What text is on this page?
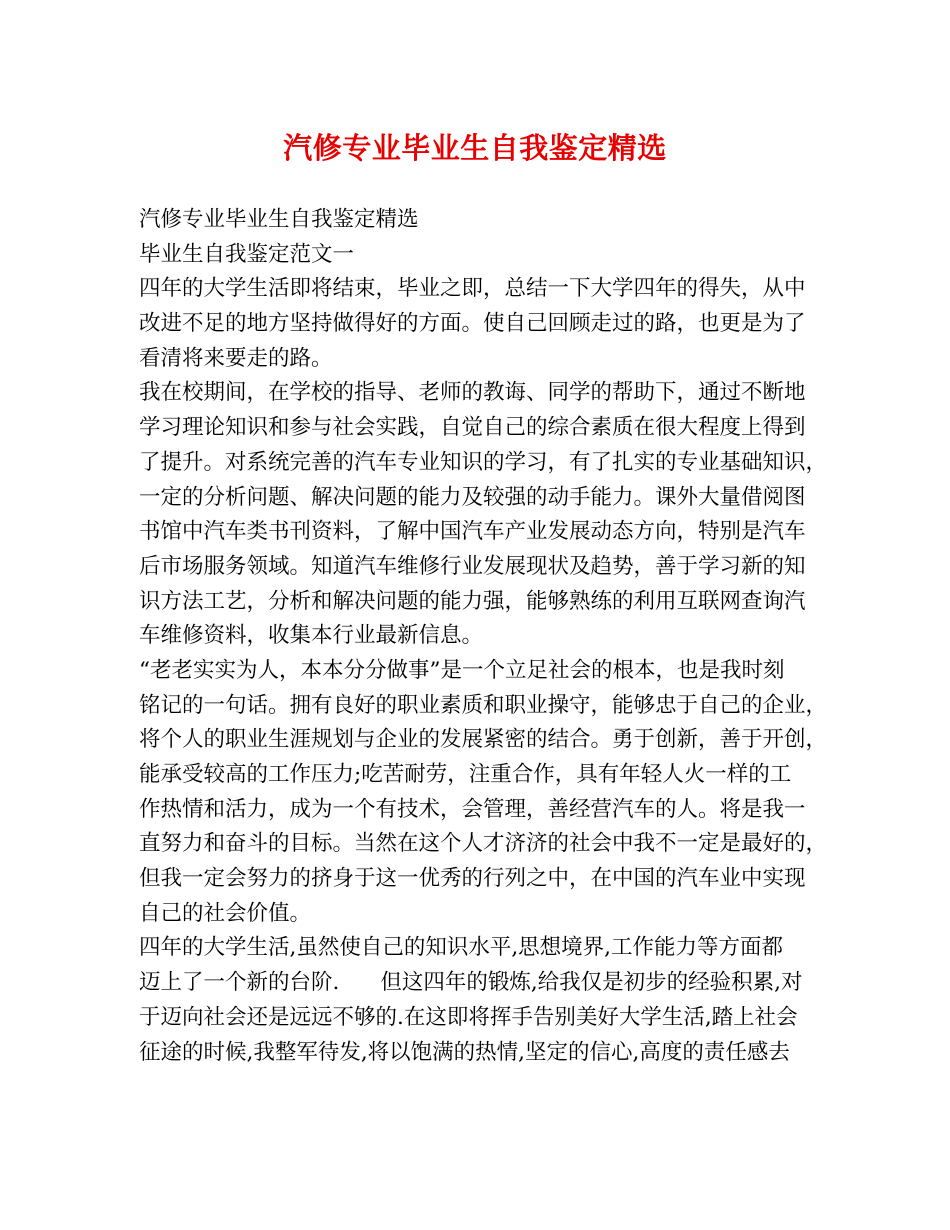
汽修专业毕业生自我鉴定精选
汽修专业毕业生自我鉴定精选
毕业生自我鉴定范文一
四年的大学生活即将结束，毕业之即，总结一下大学四年的得失，从中
改进不足的地方坚持做得好的方面。使自己回顾走过的路，也更是为了
看清将来要走的路。
我在校期间，在学校的指导、老师的教诲、同学的帮助下，通过不断地
学习理论知识和参与社会实践，自觉自己的综合素质在很大程度上得到
了提升。对系统完善的汽车专业知识的学习，有了扎实的专业基础知识，
一定的分析问题、解决问题的能力及较强的动手能力。课外大量借阅图
书馆中汽车类书刊资料，了解中国汽车产业发展动态方向，特别是汽车
后市场服务领域。知道汽车维修行业发展现状及趋势，善于学习新的知
识方法工艺，分析和解决问题的能力强，能够熟练的利用互联网查询汽
车维修资料，收集本行业最新信息。
“老老实实为人，本本分分做事”是一个立足社会的根本，也是我时刻
铭记的一句话。拥有良好的职业素质和职业操守，能够忠于自己的企业，
将个人的职业生涯规划与企业的发展紧密的结合。勇于创新，善于开创，
能承受较高的工作压力;吃苦耐劳，注重合作，具有年轻人火一样的工
作热情和活力，成为一个有技术，会管理，善经营汽车的人。将是我一
直努力和奋斗的目标。当然在这个人才济济的社会中我不一定是最好的，
但我一定会努力的挤身于这一优秀的行列之中，在中国的汽车业中实现
自己的社会价值。
四年的大学生活,虽然使自己的知识水平,思想境界,工作能力等方面都
迈上了一个新的台阶.      但这四年的锻炼,给我仅是初步的经验积累,对
于迈向社会还是远远不够的.在这即将挥手告别美好大学生活,踏上社会
征途的时候,我整军待发,将以饱满的热情,坚定的信心,高度的责任感去
